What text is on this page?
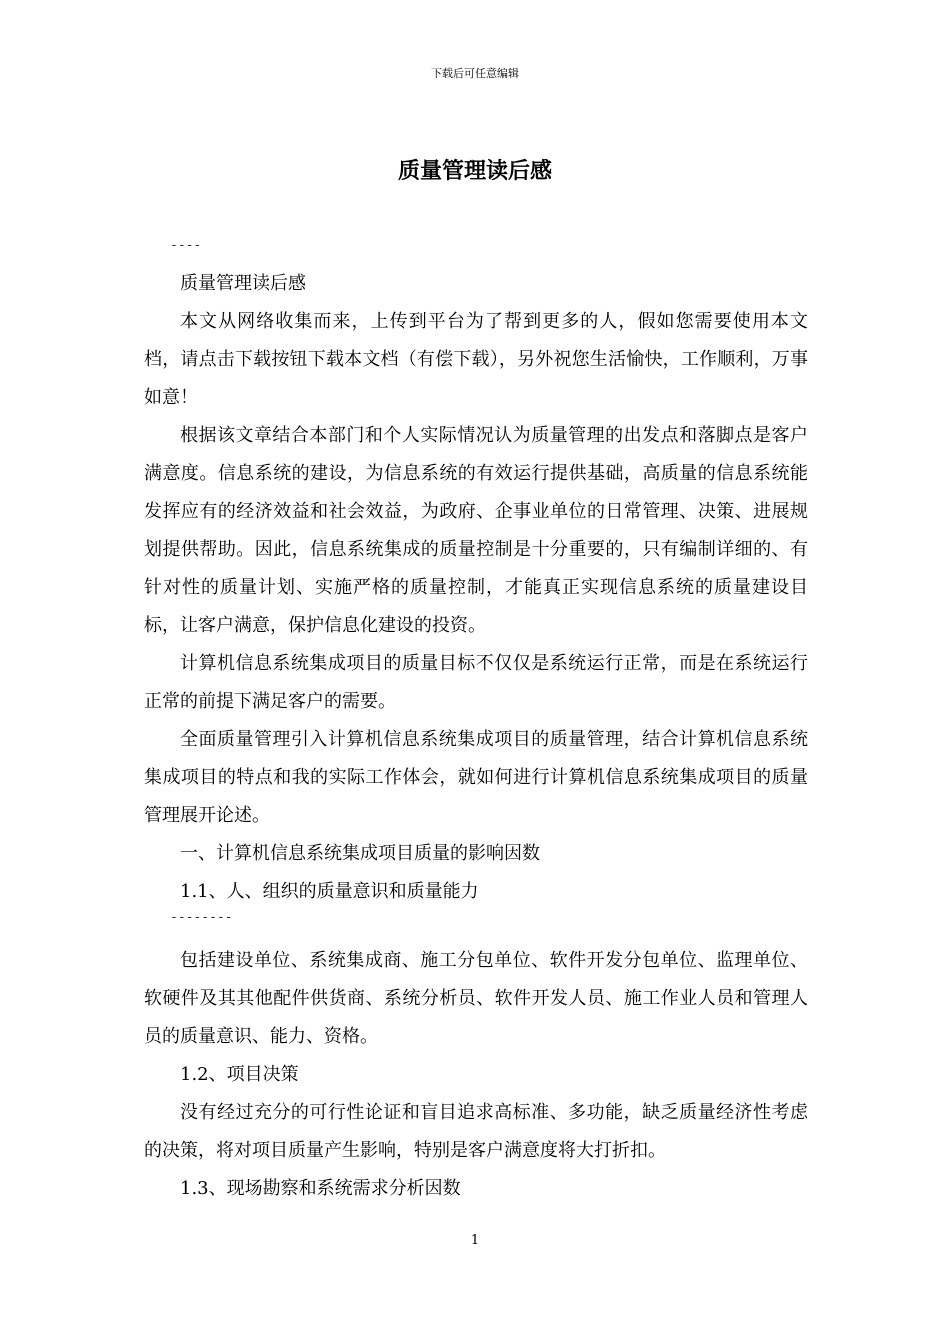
下载后可任意编辑
质量管理读后感

----

质量管理读后感

本文从网络收集而来，上传到平台为了帮到更多的人，假如您需要使用本文档，请点击下载按钮下载本文档（有偿下载），另外祝您生活愉快，工作顺利，万事如意！

根据该文章结合本部门和个人实际情况认为质量管理的出发点和落脚点是客户满意度。信息系统的建设，为信息系统的有效运行提供基础，高质量的信息系统能发挥应有的经济效益和社会效益，为政府、企事业单位的日常管理、决策、进展规划提供帮助。因此，信息系统集成的质量控制是十分重要的，只有编制详细的、有针对性的质量计划、实施严格的质量控制，才能真正实现信息系统的质量建设目标，让客户满意，保护信息化建设的投资。

计算机信息系统集成项目的质量目标不仅仅是系统运行正常，而是在系统运行正常的前提下满足客户的需要。

全面质量管理引入计算机信息系统集成项目的质量管理，结合计算机信息系统集成项目的特点和我的实际工作体会，就如何进行计算机信息系统集成项目的质量管理展开论述。

一、计算机信息系统集成项目质量的影响因数

1.1、人、组织的质量意识和质量能力

--------

包括建设单位、系统集成商、施工分包单位、软件开发分包单位、监理单位、软硬件及其其他配件供货商、系统分析员、软件开发人员、施工作业人员和管理人员的质量意识、能力、资格。

1.2、项目决策

没有经过充分的可行性论证和盲目追求高标准、多功能，缺乏质量经济性考虑的决策，将对项目质量产生影响，特别是客户满意度将大打折扣。

1.3、现场勘察和系统需求分析因数

1
